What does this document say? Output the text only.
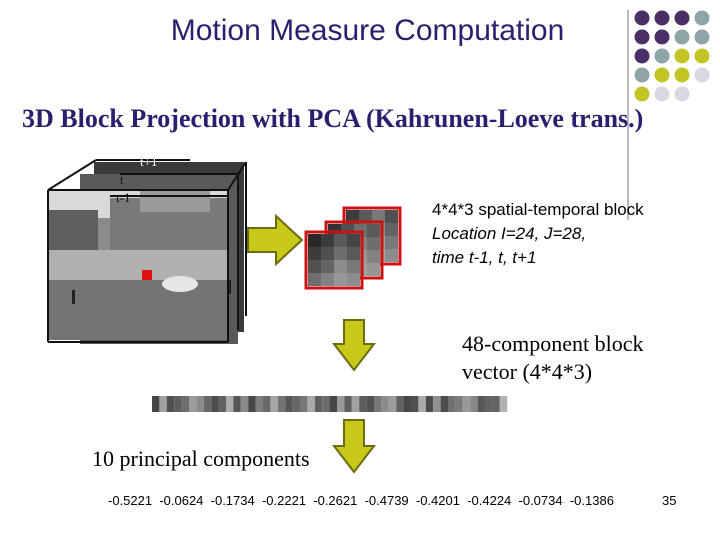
Motion Measure Computation
3D Block Projection with PCA (Kahrunen-Loeve trans.)
t+1
t
t-1
4*4*3 spatial-temporal block
Location I=24, J=28,
time t-1, t, t+1
48-component block
vector (4*4*3)
10 principal components
-0.5221  -0.0624  -0.1734  -0.2221  -0.2621  -0.4739  -0.4201  -0.4224  -0.0734  -0.1386	35
